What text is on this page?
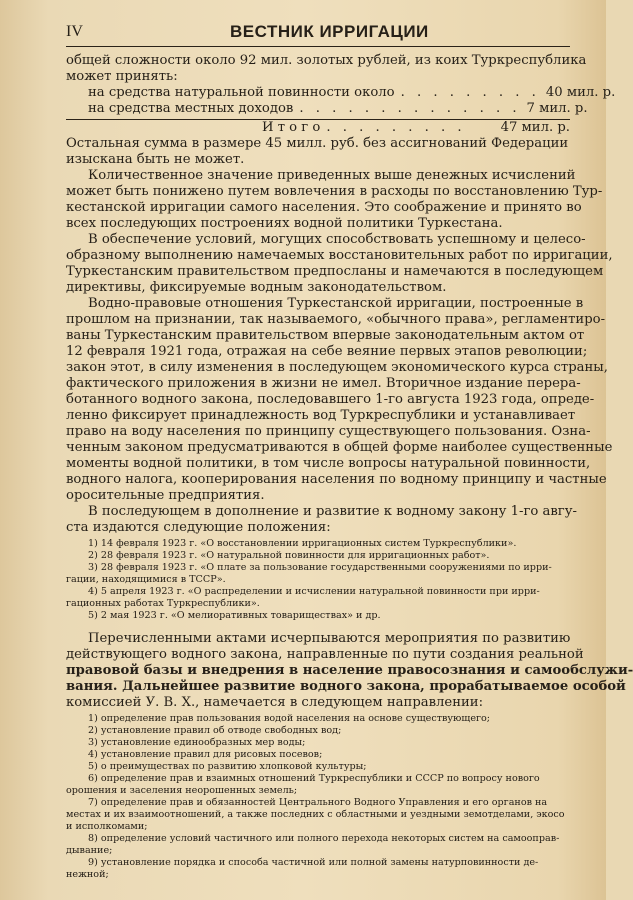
IV	ВЕСТНИК ИРРИГАЦИИ
общей сложности около 92 мил. золотых рублей, из коих Туркреспублика
может принять:
на средства натуральной повинности около . . . . . . . . . 40 мил. р.
на средства местных доходов . . . . . . . . . . . . . . 7 мил. р.
И т о г о . . . . . . . . .	47 мил. р.
Остальная сумма в размере 45 милл. руб. без ассигнований Федерации
изыскана быть не может.
Количественное значение приведенных выше денежных исчислений
может быть понижено путем вовлечения в расходы по восстановлению Тур-
кестанской ирригации самого населения. Это соображение и принято во
всех последующих построениях водной политики Туркестана.
В обеспечение условий, могущих способствовать успешному и целесо-
образному выполнению намечаемых восстановительных работ по ирригации,
Туркестанским правительством предпосланы и намечаются в последующем
директивы, фиксируемые водным законодательством.
Водно-правовые отношения Туркестанской ирригации, построенные в
прошлом на признании, так называемого, «обычного права», регламентиро-
ваны Туркестанским правительством впервые законодательным актом от
12 февраля 1921 года, отражая на себе веяние первых этапов революции;
закон этот, в силу изменения в последующем экономического курса страны,
фактического приложения в жизни не имел. Вторичное издание перера-
ботанного водного закона, последовавшего 1-го августа 1923 года, опреде-
ленно фиксирует принадлежность вод Туркреспублики и устанавливает
право на воду населения по принципу существующего пользования. Озна-
ченным законом предусматриваются в общей форме наиболее существенные
моменты водной политики, в том числе вопросы натуральной повинности,
водного налога, кооперирования населения по водному принципу и частные
оросительные предприятия.
В последующем в дополнение и развитие к водному закону 1-го авгу-
ста издаются следующие положения:
1) 14 февраля 1923 г. «О восстановлении ирригационных систем Туркреспублики».
2) 28 февраля 1923 г. «О натуральной повинности для ирригационных работ».
3) 28 февраля 1923 г. «О плате за пользование государственными сооружениями по ирри-
гации, находящимися в ТССР».
4) 5 апреля 1923 г. «О распределении и исчислении натуральной повинности при ирри-
гационных работах Туркреспублики».
5) 2 мая 1923 г. «О мелиоративных товариществах» и др.
Перечисленными актами исчерпываются мероприятия по развитию
действующего водного закона, направленные по пути создания реальной
правовой базы и внедрения в население правосознания и самообслужи-
вания. Дальнейшее развитие водного закона, прорабатываемое особой
комиссией У. В. Х., намечается в следующем направлении:
1) определение прав пользования водой населения на основе существующего;
2) установление правил об отводе свободных вод;
3) установление единообразных мер воды;
4) установление правил для рисовых посевов;
5) о преимуществах по развитию хлопковой культуры;
6) определение прав и взаимных отношений Туркреспублики и СССР по вопросу нового
орошения и заселения неорошенных земель;
7) определение прав и обязанностей Центрального Водного Управления и его органов на
местах и их взаимоотношений, а также последних с областными и уездными земотделами, экосо
и исполкомами;
8) определение условий частичного или полного перехода некоторых систем на самооправ-
дывание;
9) установление порядка и способа частичной или полной замены натурповинности де-
нежной;
